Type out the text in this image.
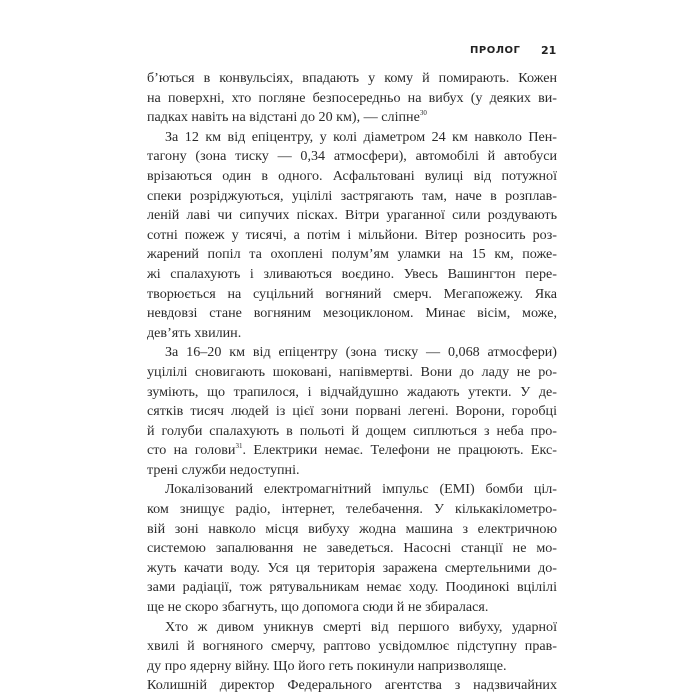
ПРОЛОГ 21
б’ються в конвульсіях, впадають у кому й помирають. Кожен
на поверхні, хто погляне безпосередньо на вибух (у деяких ви-
падках навіть на відстані до 20 км), — сліпне$^{30}$
За 12 км від епіцентру, у колі діаметром 24 км навколо Пен-
тагону (зона тиску — 0,34 атмосфери), автомобілі й автобуси
врізаються один в одного. Асфальтовані вулиці від потужної
спеки розріджуються, уцілілі застрягають там, наче в розплав-
леній лаві чи сипучих пісках. Вітри ураганної сили роздувають
сотні пожеж у тисячі, а потім і мільйони. Вітер розносить роз-
жарений попіл та охоплені полум’ям уламки на 15 км, поже-
жі спалахують і зливаються воєдино. Увесь Вашингтон пере-
творюється на суцільний вогняний смерч. Мегапожежу. Яка
невдовзі стане вогняним мезоциклоном. Минає вісім, може,
дев’ять хвилин.
За 16–20 км від епіцентру (зона тиску — 0,068 атмосфери)
уцілілі сновигають шоковані, напівмертві. Вони до ладу не ро-
зуміють, що трапилося, і відчайдушно жадають утекти. У де-
сятків тисяч людей із цієї зони порвані легені. Ворони, горобці
й голуби спалахують в польоті й дощем сиплються з неба про-
сто на голови$^{31}$. Електрики немає. Телефони не працюють. Екс-
трені служби недоступні.
Локалізований електромагнітний імпульс (ЕМІ) бомби ціл-
ком знищує радіо, інтернет, телебачення. У кількакілометро-
вій зоні навколо місця вибуху жодна машина з електричною
системою запалювання не заведеться. Насосні станції не мо-
жуть качати воду. Уся ця територія заражена смертельними до-
зами радіації, тож рятувальникам немає ходу. Поодинокі вцілілі
ще не скоро збагнуть, що допомога сюди й не збиралася.
Хто ж дивом уникнув смерті від першого вибуху, ударної
хвилі й вогняного смерчу, раптово усвідомлює підступну прав-
ду про ядерну війну. Що його геть покинули напризволяще.
Колишній директор Федерального агентства з надзвичайних
